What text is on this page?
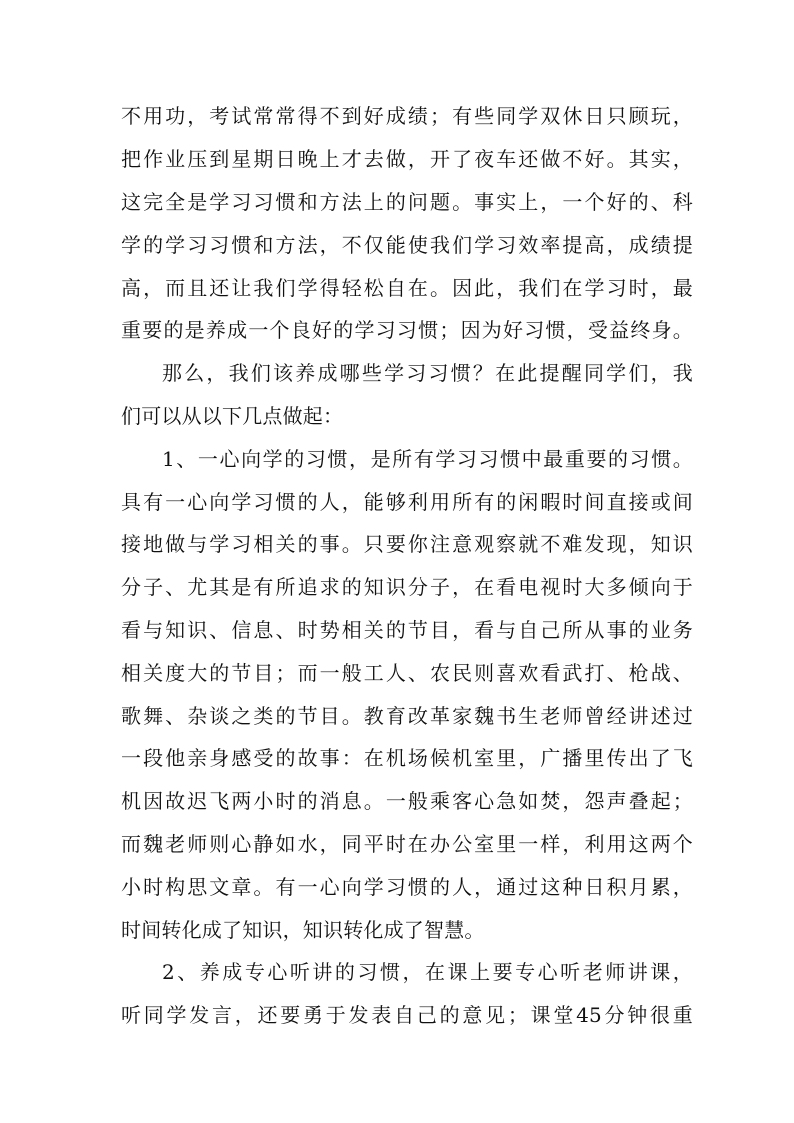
不用功，考试常常得不到好成绩；有些同学双休日只顾玩，
把作业压到星期日晚上才去做，开了夜车还做不好。其实，
这完全是学习习惯和方法上的问题。事实上，一个好的、科
学的学习习惯和方法，不仅能使我们学习效率提高，成绩提
高，而且还让我们学得轻松自在。因此，我们在学习时，最
重要的是养成一个良好的学习习惯；因为好习惯，受益终身。
那么，我们该养成哪些学习习惯？在此提醒同学们，我
们可以从以下几点做起：
1、一心向学的习惯，是所有学习习惯中最重要的习惯。
具有一心向学习惯的人，能够利用所有的闲暇时间直接或间
接地做与学习相关的事。只要你注意观察就不难发现，知识
分子、尤其是有所追求的知识分子，在看电视时大多倾向于
看与知识、信息、时势相关的节目，看与自己所从事的业务
相关度大的节目；而一般工人、农民则喜欢看武打、枪战、
歌舞、杂谈之类的节目。教育改革家魏书生老师曾经讲述过
一段他亲身感受的故事：在机场候机室里，广播里传出了飞
机因故迟飞两小时的消息。一般乘客心急如焚，怨声叠起；
而魏老师则心静如水，同平时在办公室里一样，利用这两个
小时构思文章。有一心向学习惯的人，通过这种日积月累，
时间转化成了知识，知识转化成了智慧。
2、养成专心听讲的习惯，在课上要专心听老师讲课，
听同学发言，还要勇于发表自己的意见；课堂45分钟很重
